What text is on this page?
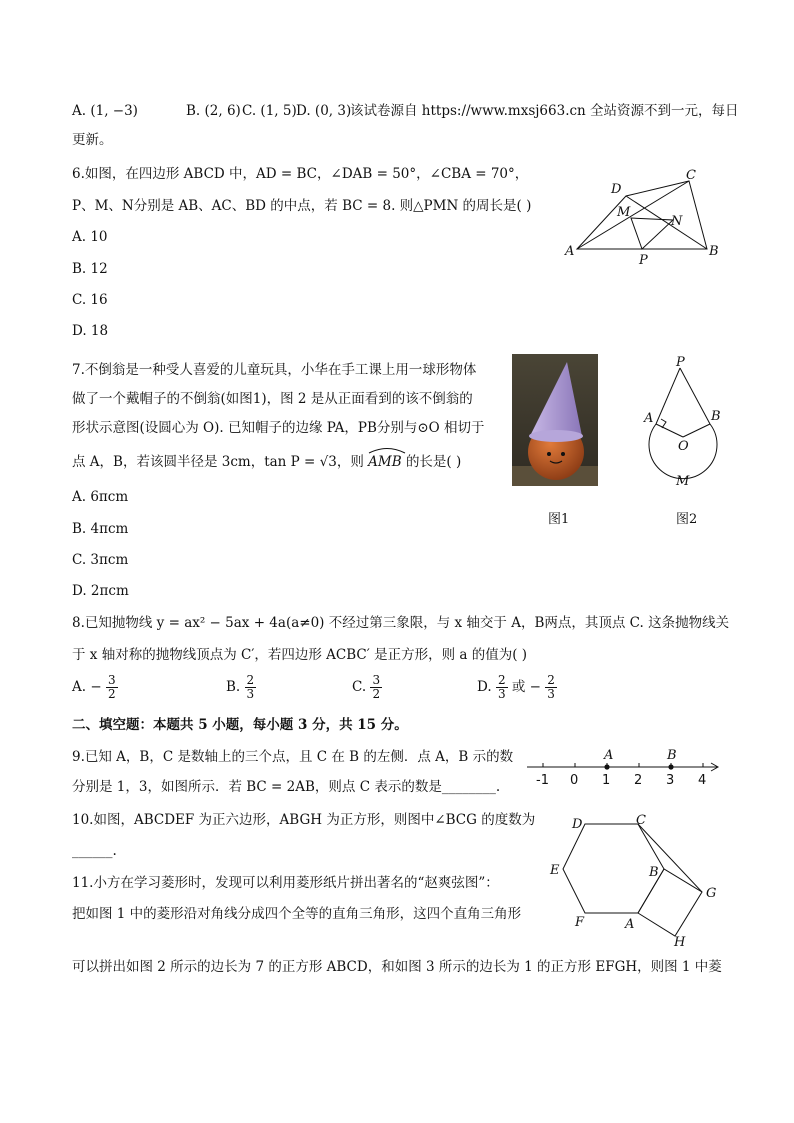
A. (1, −3)	B. (2, 6) C. (1, 5) D. (0, 3)
该试卷源自 https://www.mxsj663.cn 全站资源不到一元，每日
更新。
6.如图，在四边形 ABCD 中，AD = BC，∠DAB = 50°，∠CBA = 70°，
P、M、N分别是 AB、AC、BD 的中点，若 BC = 8. 则△PMN 的周长是( )
A. 10
B. 12
C. 16
D. 18
A	B
C
D
M
N
P
7.不倒翁是一种受人喜爱的儿童玩具，小华在手工课上用一球形物体
做了一个戴帽子的不倒翁(如图1)，图 2 是从正面看到的该不倒翁的
形状示意图(设圆心为 O). 已知帽子的边缘 PA，PB分别与⊙O 相切于
点 A，B，若该圆半径是 3cm，tan P = √3，则 AMB 的长是( )
A. 6πcm
B. 4πcm
C. 3πcm
D. 2πcm
图1
P
A	B
O
M
图2
8.已知抛物线 y = ax² − 5ax + 4a(a≠0) 不经过第三象限，与 x 轴交于 A，B两点，其顶点 C. 这条抛物线关
于 x 轴对称的抛物线顶点为 C′，若四边形 ACBC′ 是正方形，则 a 的值为( )
A. − $\frac{3}{2}$	B. $\frac{2}{3}$	C. $\frac{3}{2}$	D. $\frac{2}{3}$ 或 − $\frac{2}{3}$
二、填空题：本题共 5 小题，每小题 3 分，共 15 分。
9.已知 A，B，C 是数轴上的三个点，且 C 在 B 的左侧．点 A，B 示的数
分别是 1，3，如图所示．若 BC = 2AB，则点 C 表示的数是________.
A	B
-1 0 1 2 3 4
10.如图，ABCDEF 为正六边形，ABGH 为正方形，则图中∠BCG 的度数为
______.
D	C
E	B
G
F	A
H
11.小方在学习菱形时，发现可以利用菱形纸片拼出著名的“赵爽弦图”：
把如图 1 中的菱形沿对角线分成四个全等的直角三角形，这四个直角三角形
可以拼出如图 2 所示的边长为 7 的正方形 ABCD，和如图 3 所示的边长为 1 的正方形 EFGH，则图 1 中菱
